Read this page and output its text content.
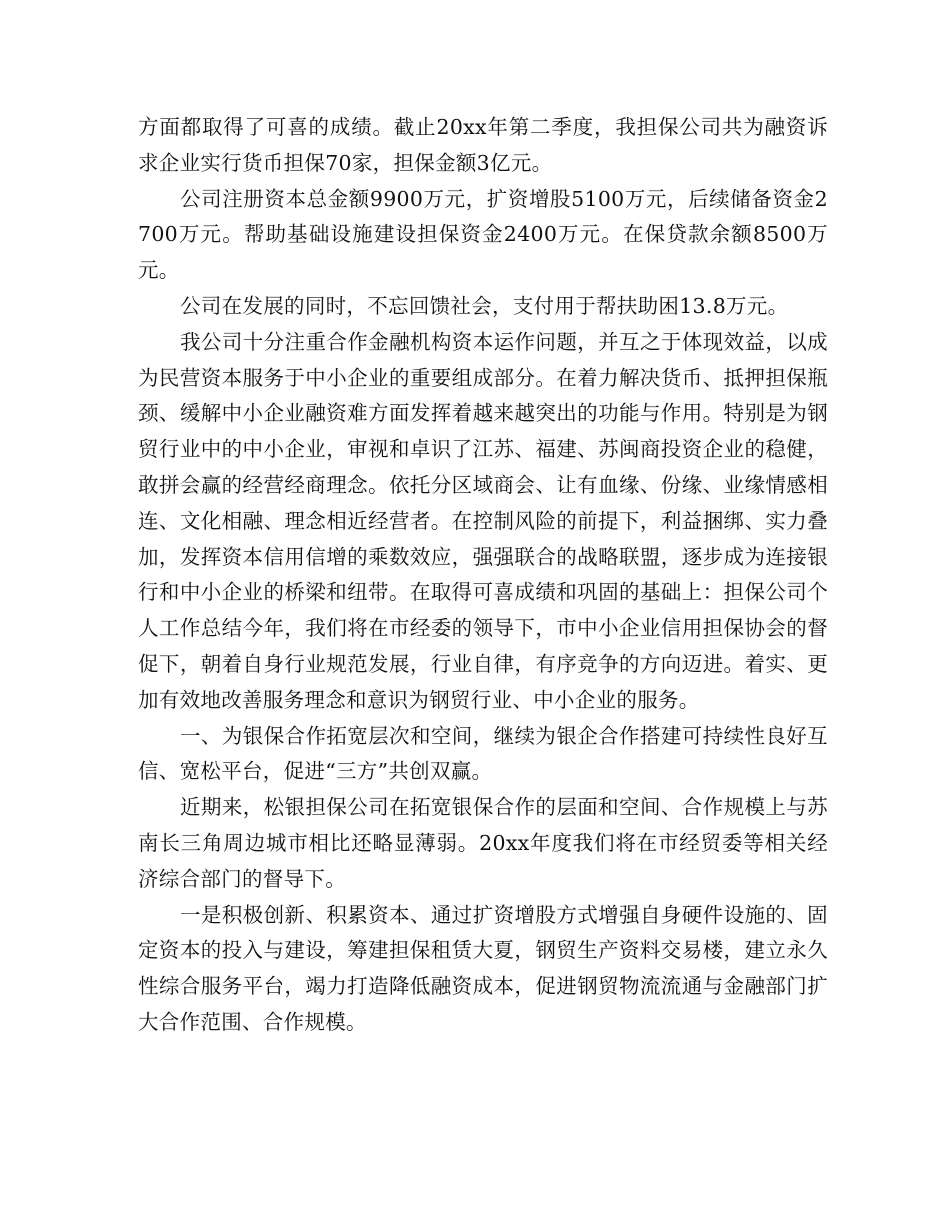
方面都取得了可喜的成绩。截止20xx年第二季度，我担保公司共为融资诉求企业实行货币担保70家，担保金额3亿元。

公司注册资本总金额9900万元，扩资增股5100万元，后续储备资金2700万元。帮助基础设施建设担保资金2400万元。在保贷款余额8500万元。

公司在发展的同时，不忘回馈社会，支付用于帮扶助困13.8万元。

我公司十分注重合作金融机构资本运作问题，并互之于体现效益，以成为民营资本服务于中小企业的重要组成部分。在着力解决货币、抵押担保瓶颈、缓解中小企业融资难方面发挥着越来越突出的功能与作用。特别是为钢贸行业中的中小企业，审视和卓识了江苏、福建、苏闽商投资企业的稳健，敢拼会赢的经营经商理念。依托分区域商会、让有血缘、份缘、业缘情感相连、文化相融、理念相近经营者。在控制风险的前提下，利益捆绑、实力叠加，发挥资本信用信增的乘数效应，强强联合的战略联盟，逐步成为连接银行和中小企业的桥梁和纽带。在取得可喜成绩和巩固的基础上：担保公司个人工作总结今年，我们将在市经委的领导下，市中小企业信用担保协会的督促下，朝着自身行业规范发展，行业自律，有序竞争的方向迈进。着实、更加有效地改善服务理念和意识为钢贸行业、中小企业的服务。

一、为银保合作拓宽层次和空间，继续为银企合作搭建可持续性良好互信、宽松平台，促进“三方”共创双赢。

近期来，松银担保公司在拓宽银保合作的层面和空间、合作规模上与苏南长三角周边城市相比还略显薄弱。20xx年度我们将在市经贸委等相关经济综合部门的督导下。

一是积极创新、积累资本、通过扩资增股方式增强自身硬件设施的、固定资本的投入与建设，筹建担保租赁大夏，钢贸生产资料交易楼，建立永久性综合服务平台，竭力打造降低融资成本，促进钢贸物流流通与金融部门扩大合作范围、合作规模。
